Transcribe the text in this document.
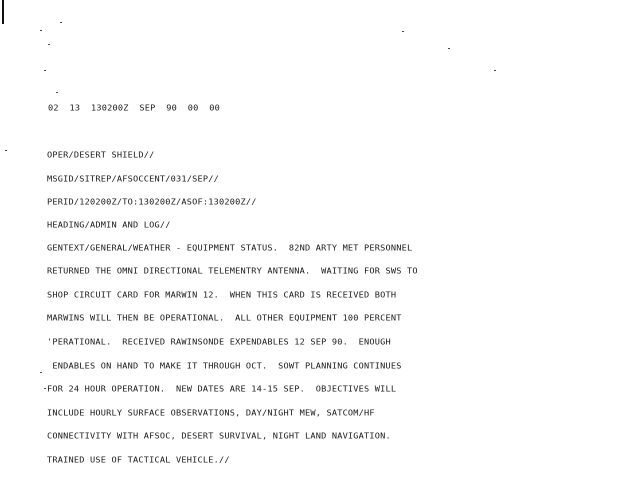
02  13  130200Z  SEP  90  00  00
OPER/DESERT SHIELD//
MSGID/SITREP/AFSOCCENT/031/SEP//
PERID/120200Z/TO:130200Z/ASOF:130200Z//
HEADING/ADMIN AND LOG//
GENTEXT/GENERAL/WEATHER - EQUIPMENT STATUS.  82ND ARTY MET PERSONNEL
RETURNED THE OMNI DIRECTIONAL TELEMENTRY ANTENNA.  WAITING FOR SWS TO
SHOP CIRCUIT CARD FOR MARWIN 12.  WHEN THIS CARD IS RECEIVED BOTH
MARWINS WILL THEN BE OPERATIONAL.  ALL OTHER EQUIPMENT 100 PERCENT
'PERATIONAL.  RECEIVED RAWINSONDE EXPENDABLES 12 SEP 90.  ENOUGH
ENDABLES ON HAND TO MAKE IT THROUGH OCT.  SOWT PLANNING CONTINUES
FOR 24 HOUR OPERATION.  NEW DATES ARE 14-15 SEP.  OBJECTIVES WILL
INCLUDE HOURLY SURFACE OBSERVATIONS, DAY/NIGHT MEW, SATCOM/HF
CONNECTIVITY WITH AFSOC, DESERT SURVIVAL, NIGHT LAND NAVIGATION.
TRAINED USE OF TACTICAL VEHICLE.//
